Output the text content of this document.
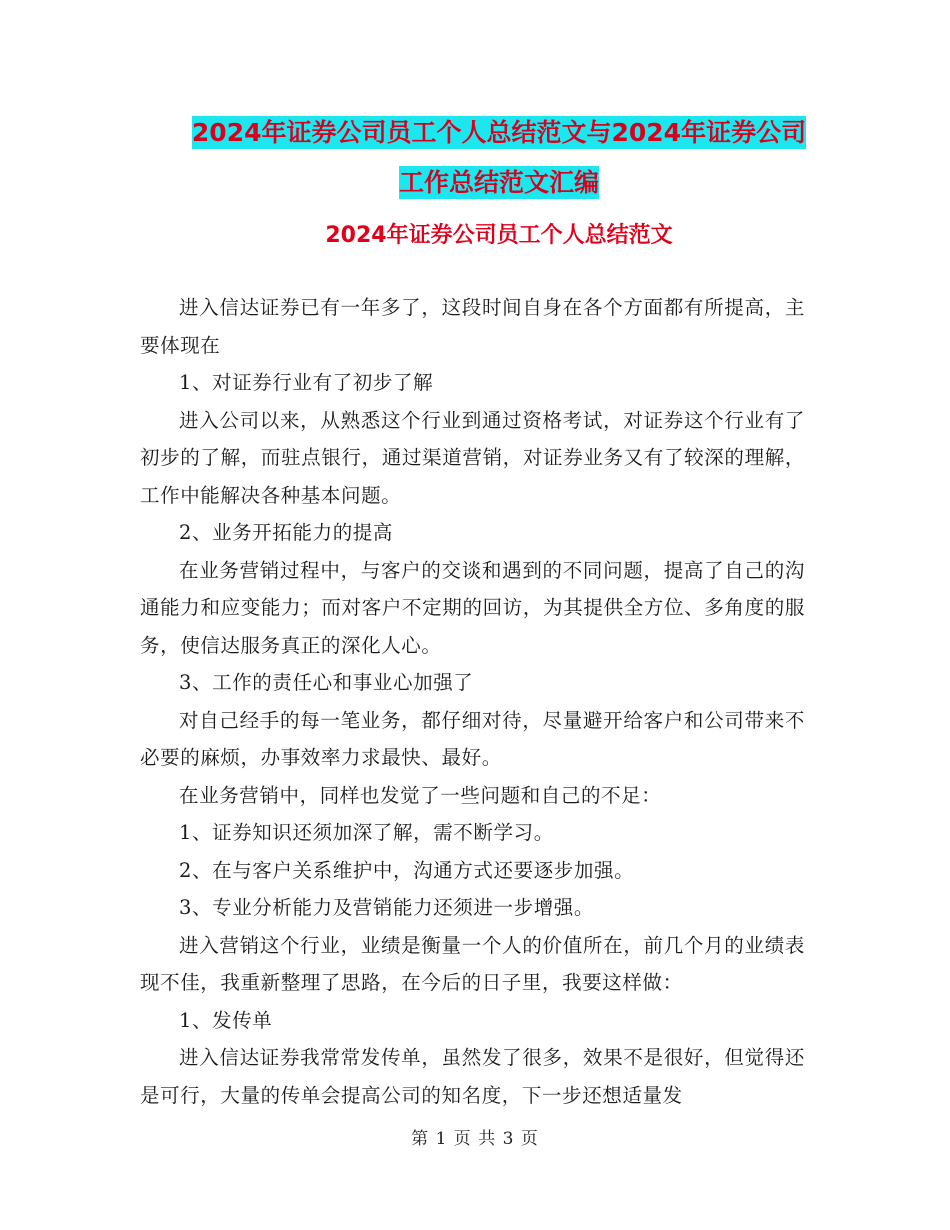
2024年证券公司员工个人总结范文与2024年证券公司
工作总结范文汇编
2024年证券公司员工个人总结范文

进入信达证券已有一年多了，这段时间自身在各个方面都有所提高，主要体现在

1、对证券行业有了初步了解

进入公司以来，从熟悉这个行业到通过资格考试，对证券这个行业有了初步的了解，而驻点银行，通过渠道营销，对证券业务又有了较深的理解，工作中能解决各种基本问题。

2、业务开拓能力的提高

在业务营销过程中，与客户的交谈和遇到的不同问题，提高了自己的沟通能力和应变能力；而对客户不定期的回访，为其提供全方位、多角度的服务，使信达服务真正的深化人心。

3、工作的责任心和事业心加强了

对自己经手的每一笔业务，都仔细对待，尽量避开给客户和公司带来不必要的麻烦，办事效率力求最快、最好。

在业务营销中，同样也发觉了一些问题和自己的不足：

1、证券知识还须加深了解，需不断学习。

2、在与客户关系维护中，沟通方式还要逐步加强。

3、专业分析能力及营销能力还须进一步增强。

进入营销这个行业，业绩是衡量一个人的价值所在，前几个月的业绩表现不佳，我重新整理了思路，在今后的日子里，我要这样做：

1、发传单

进入信达证券我常常发传单，虽然发了很多，效果不是很好，但觉得还是可行，大量的传单会提高公司的知名度，下一步还想适量发

第 1 页 共 3 页
